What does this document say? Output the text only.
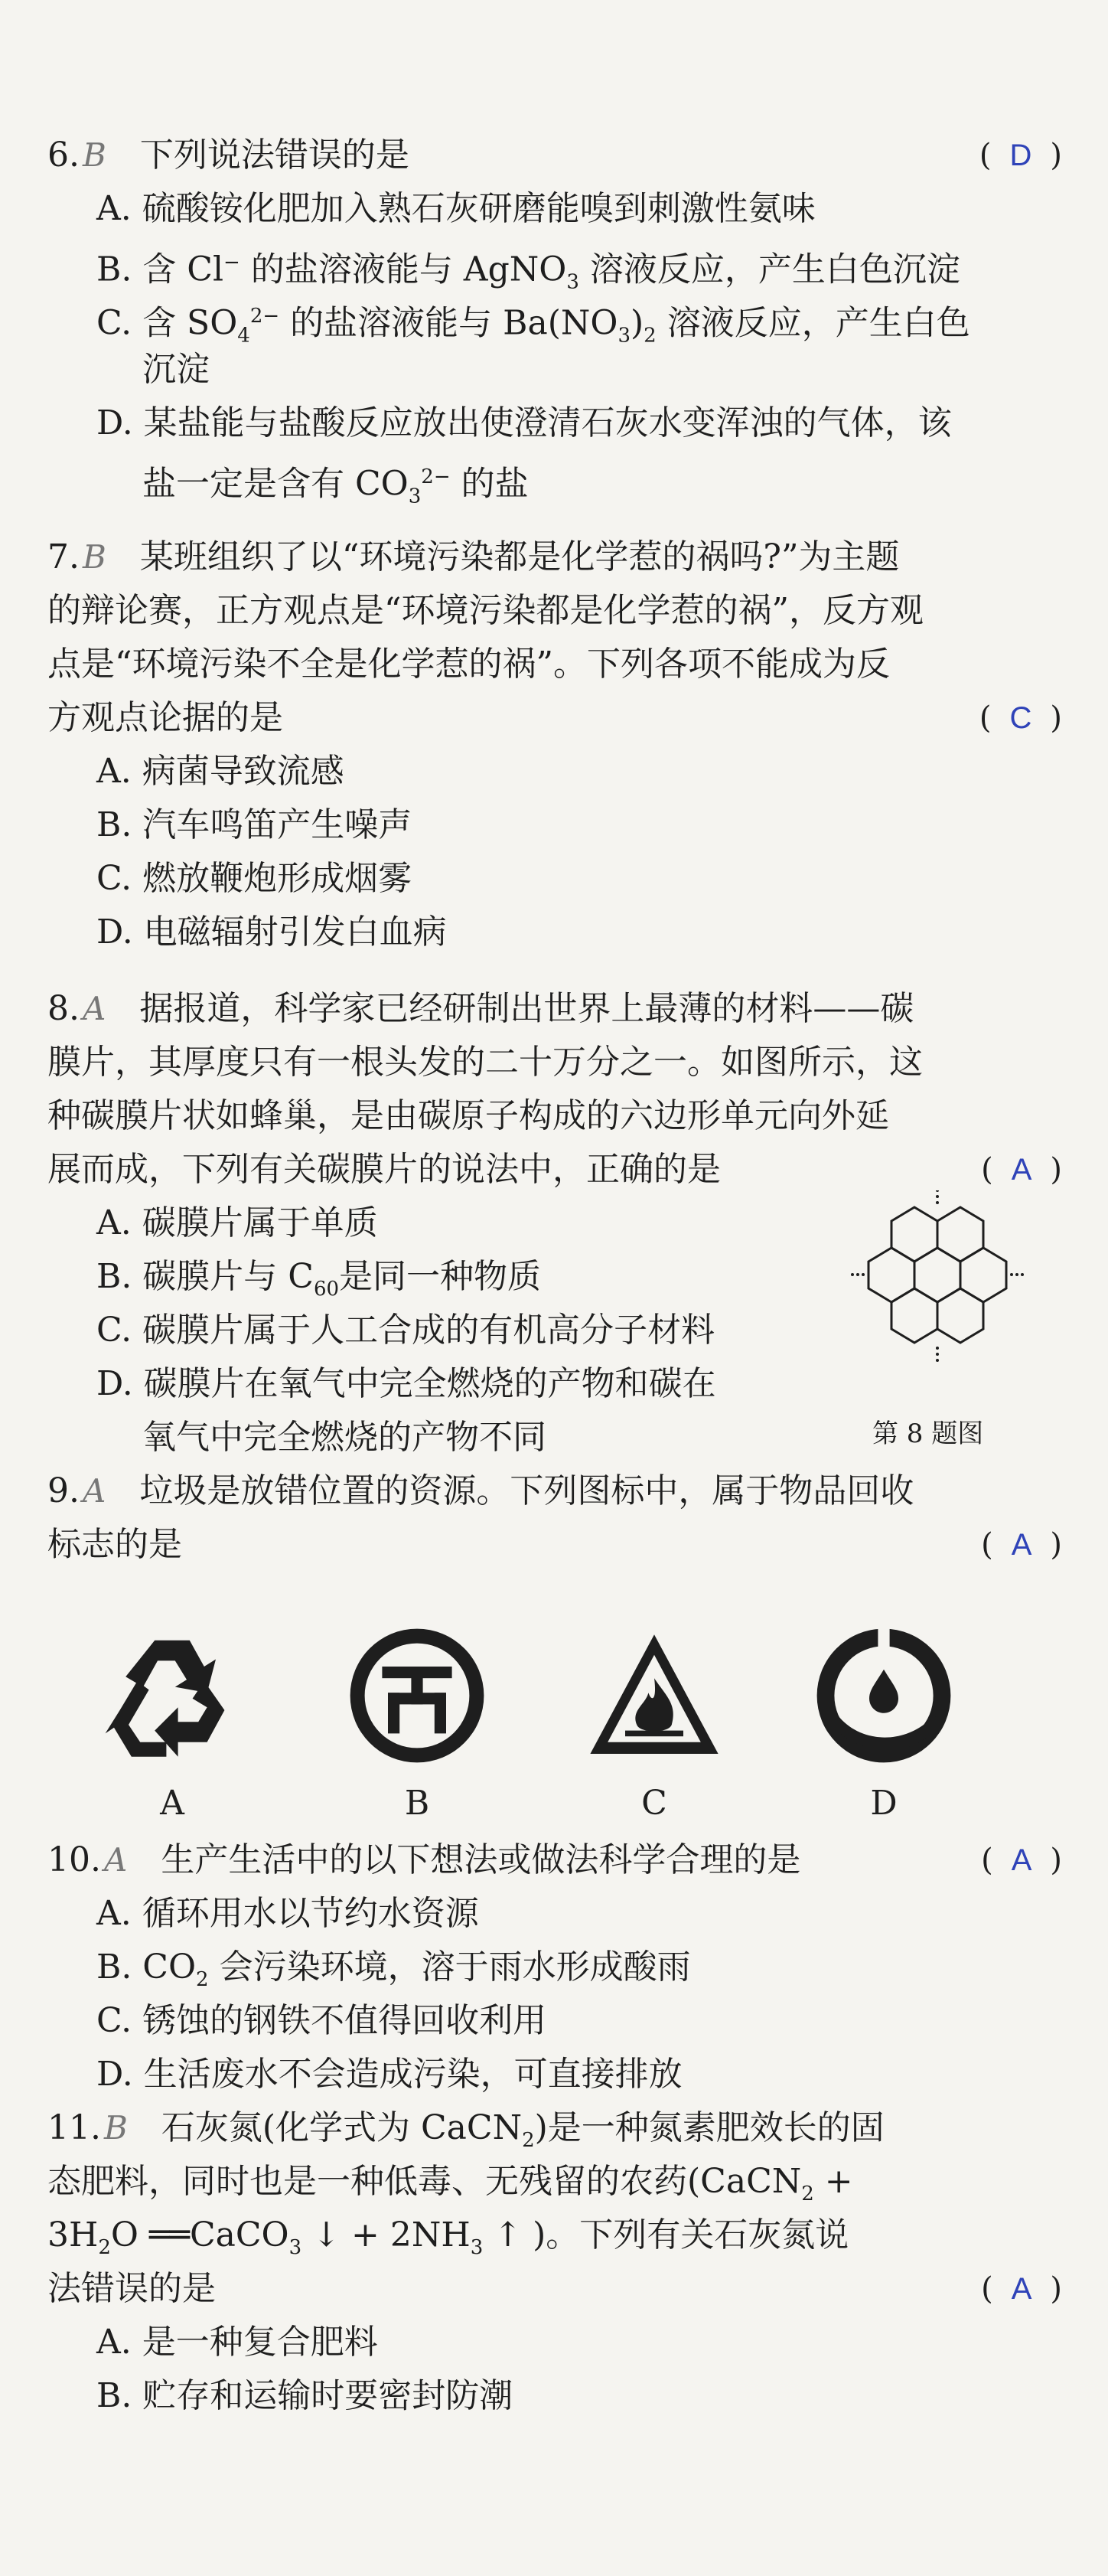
6.B 下列说法错误的是	( D )
A. 硫酸铵化肥加入熟石灰研磨能嗅到刺激性氨味
B. 含 Cl− 的盐溶液能与 AgNO$_3$ 溶液反应，产生白色沉淀
C. 含 $SO_4^{2-}$ 的盐溶液能与 $Ba(NO_3)_2$ 溶液反应，产生白色
沉淀
D. 某盐能与盐酸反应放出使澄清石灰水变浑浊的气体，该
盐一定是含有 $CO_3^{2-}$ 的盐
7.B 某班组织了以“环境污染都是化学惹的祸吗?”为主题
的辩论赛，正方观点是“环境污染都是化学惹的祸”，反方观
点是“环境污染不全是化学惹的祸”。下列各项不能成为反
方观点论据的是	( C )
A. 病菌导致流感
B. 汽车鸣笛产生噪声
C. 燃放鞭炮形成烟雾
D. 电磁辐射引发白血病
8.A 据报道，科学家已经研制出世界上最薄的材料——碳
膜片，其厚度只有一根头发的二十万分之一。如图所示，这
种碳膜片状如蜂巢，是由碳原子构成的六边形单元向外延
展而成，下列有关碳膜片的说法中，正确的是	( A )
A. 碳膜片属于单质
B. 碳膜片与 $C_{60}$是同一种物质
C. 碳膜片属于人工合成的有机高分子材料
D. 碳膜片在氧气中完全燃烧的产物和碳在
氧气中完全燃烧的产物不同	第 8 题图
9.A 垃圾是放错位置的资源。下列图标中，属于物品回收
标志的是	( A )
A	B	C	D
10.A 生产生活中的以下想法或做法科学合理的是	( A )
A. 循环用水以节约水资源
B. $CO_2$ 会污染环境，溶于雨水形成酸雨
C. 锈蚀的钢铁不值得回收利用
D. 生活废水不会造成污染，可直接排放
11.B 石灰氮(化学式为 CaCN$_2$)是一种氮素肥效长的固
态肥料，同时也是一种低毒、无残留的农药(CaCN$_2$ +
$3H_2O$ ══CaCO$_3$ ↓ + $2NH_3$ ↑ )。下列有关石灰氮说
法错误的是	( A )
A. 是一种复合肥料
B. 贮存和运输时要密封防潮
